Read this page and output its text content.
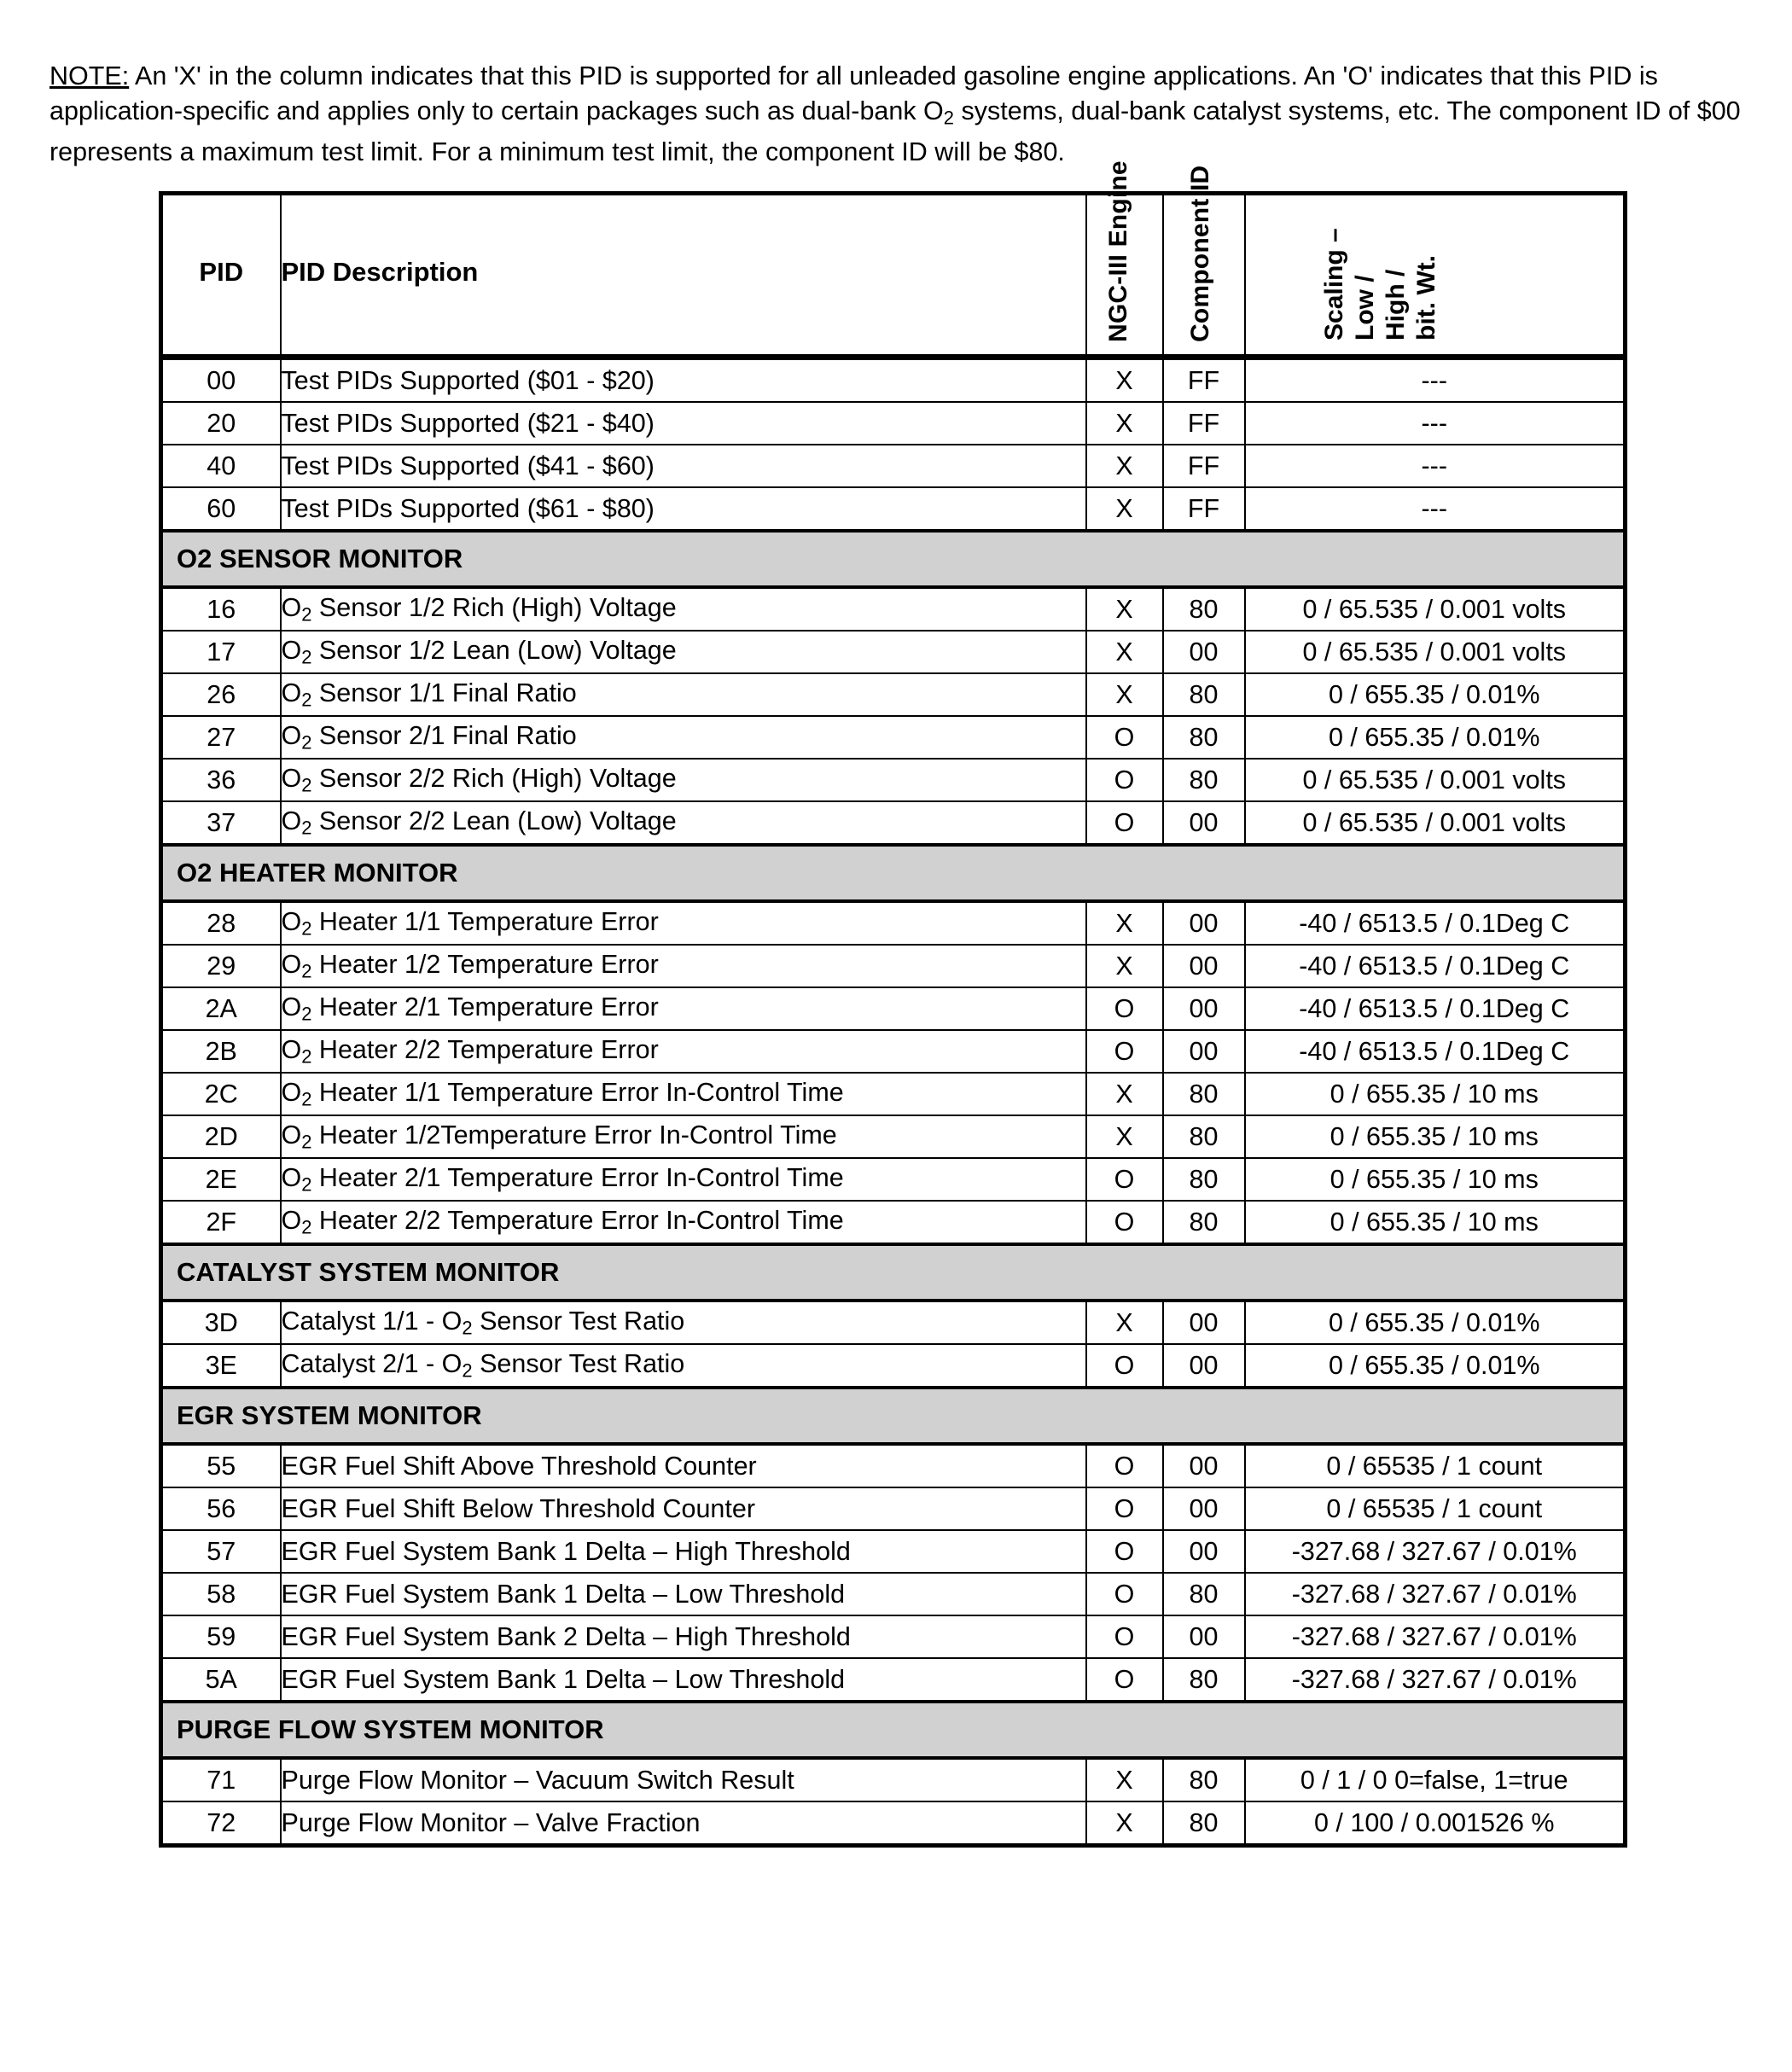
NOTE: An 'X' in the column indicates that this PID is supported for all unleaded gasoline engine applications. An 'O' indicates that this PID is application-specific and applies only to certain packages such as dual-bank $O_2$ systems, dual-bank catalyst systems, etc. The component ID of $00 represents a maximum test limit. For a minimum test limit, the component ID will be $80.

PID	PID Description	NGC-III Engine	Component ID	Scaling – Low / High / bit. Wt.

00	Test PIDs Supported ($01 - $20)	X	FF	---
20	Test PIDs Supported ($21 - $40)	X	FF	---
40	Test PIDs Supported ($41 - $60)	X	FF	---
60	Test PIDs Supported ($61 - $80)	X	FF	---
O2 SENSOR MONITOR				
16	$O_2$ Sensor 1/2 Rich (High) Voltage	X	80	0 / 65.535 / 0.001 volts
17	$O_2$ Sensor 1/2 Lean (Low) Voltage	X	00	0 / 65.535 / 0.001 volts
26	$O_2$ Sensor 1/1 Final Ratio	X	80	0 / 655.35 / 0.01%
27	$O_2$ Sensor 2/1 Final Ratio	O	80	0 / 655.35 / 0.01%
36	$O_2$ Sensor 2/2 Rich (High) Voltage	O	80	0 / 65.535 / 0.001 volts
37	$O_2$ Sensor 2/2 Lean (Low) Voltage	O	00	0 / 65.535 / 0.001 volts
O2 HEATER MONITOR				
28	$O_2$ Heater 1/1 Temperature Error	X	00	-40 / 6513.5 / 0.1Deg C
29	$O_2$ Heater 1/2 Temperature Error	X	00	-40 / 6513.5 / 0.1Deg C
2A	$O_2$ Heater 2/1 Temperature Error	O	00	-40 / 6513.5 / 0.1Deg C
2B	$O_2$ Heater 2/2 Temperature Error	O	00	-40 / 6513.5 / 0.1Deg C
2C	$O_2$ Heater 1/1 Temperature Error In-Control Time	X	80	0 / 655.35 / 10 ms
2D	$O_2$ Heater 1/2Temperature Error In-Control Time	X	80	0 / 655.35 / 10 ms
2E	$O_2$ Heater 2/1 Temperature Error In-Control Time	O	80	0 / 655.35 / 10 ms
2F	$O_2$ Heater 2/2 Temperature Error In-Control Time	O	80	0 / 655.35 / 10 ms
CATALYST SYSTEM MONITOR				
3D	Catalyst $1/1 - O_2$ Sensor Test Ratio	X	00	0 / 655.35 / 0.01%
3E	Catalyst $2/1 - O_2$ Sensor Test Ratio	O	00	0 / 655.35 / 0.01%
EGR SYSTEM MONITOR				
55	EGR Fuel Shift Above Threshold Counter	O	00	0 / 65535 / 1 count
56	EGR Fuel Shift Below Threshold Counter	O	00	0 / 65535 / 1 count
57	EGR Fuel System Bank 1 Delta – High Threshold	O	00	-327.68 / 327.67 / 0.01%
58	EGR Fuel System Bank 1 Delta – Low Threshold	O	80	-327.68 / 327.67 / 0.01%
59	EGR Fuel System Bank 2 Delta – High Threshold	O	00	-327.68 / 327.67 / 0.01%
5A	EGR Fuel System Bank 1 Delta – Low Threshold	O	80	-327.68 / 327.67 / 0.01%
PURGE FLOW SYSTEM MONITOR				
71	Purge Flow Monitor – Vacuum Switch Result	X	80	0 / 1 / 0 0=false, 1=true
72	Purge Flow Monitor – Valve Fraction	X	80	0 / 100 / 0.001526 %
